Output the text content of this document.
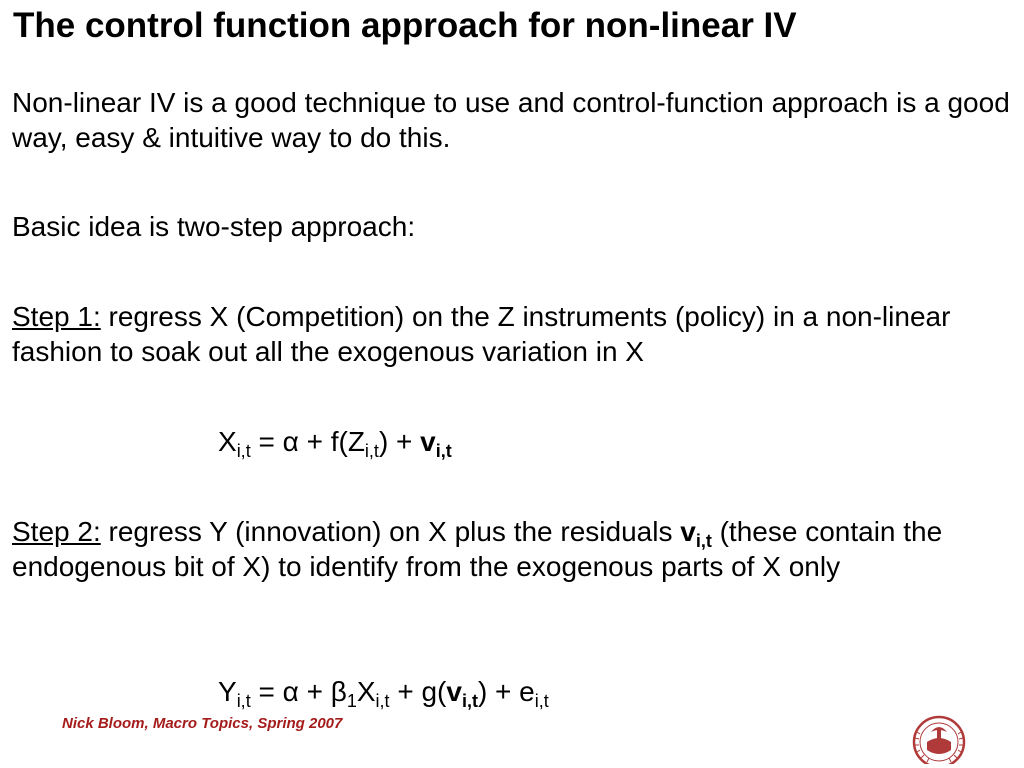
The control function approach for non-linear IV
Non-linear IV is a good technique to use and control-function approach is a good way, easy & intuitive way to do this.
Basic idea is two-step approach:
Step 1: regress X (Competition) on the Z instruments (policy) in a non-linear fashion to soak out all the exogenous variation in X
$X_{i,t} = \alpha + f(Z_{i,t}) + v_{i,t}$
Step 2: regress Y (innovation) on X plus the residuals $v_{i,t}$ (these contain the endogenous bit of X) to identify from the exogenous parts of X only
$Y_{i,t} = \alpha + \beta_1X_{i,t} + g(v_{i,t}) + e_{i,t}$
Nick Bloom, Macro Topics, Spring 2007
